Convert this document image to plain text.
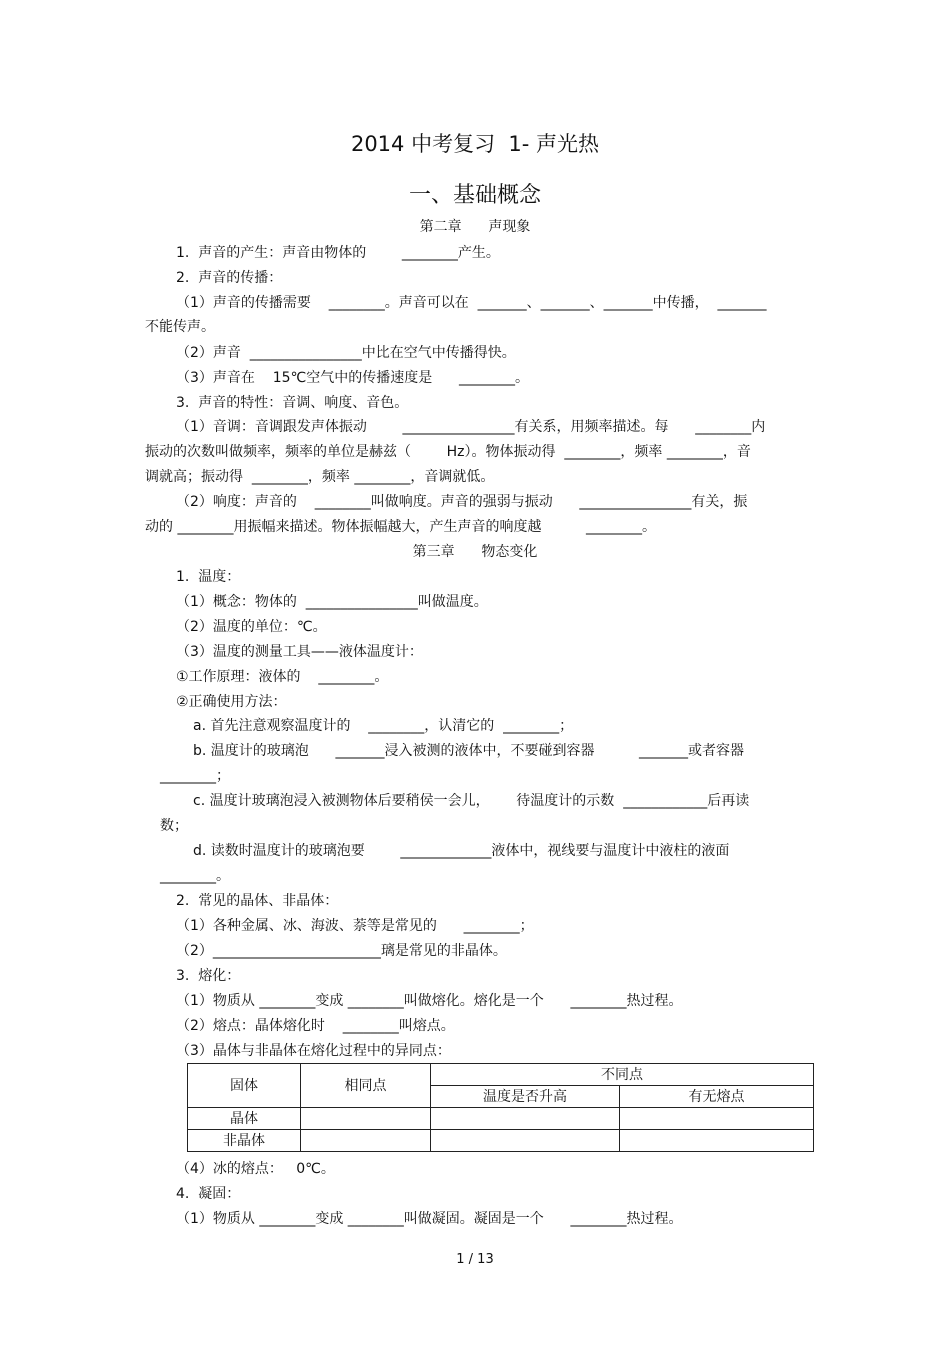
2014 中考复习  1- 声光热
一、基础概念
第二章      声现象
1.  声音的产生：声音由物体的        ________产生。
2.  声音的传播：
（1）声音的传播需要    ________。声音可以在  _______、_______、_______中传播，  _______
不能传声。
（2）声音  ________________中比在空气中传播得快。
（3）声音在    15℃空气中的传播速度是      ________。
3.  声音的特性：音调、响度、音色。
（1）音调：音调跟发声体振动        ________________有关系，用频率描述。每      ________内
振动的次数叫做频率，频率的单位是赫兹（        Hz）。物体振动得  ________，频率 ________，音
调就高；振动得  ________，频率 ________，音调就低。
（2）响度：声音的    ________叫做响度。声音的强弱与振动      ________________有关，振
动的 ________用振幅来描述。物体振幅越大，产生声音的响度越          ________。
第三章      物态变化
1.  温度：
（1）概念：物体的  ________________叫做温度。
（2）温度的单位：℃。
（3）温度的测量工具——液体温度计：
①工作原理：液体的    ________。
②正确使用方法：
a. 首先注意观察温度计的    ________，认清它的  ________；
b. 温度计的玻璃泡      _______浸入被测的液体中，不要碰到容器          _______或者容器
________；
c. 温度计玻璃泡浸入被测物体后要稍侯一会儿，      待温度计的示数  ____________后再读
数；
d. 读数时温度计的玻璃泡要        _____________液体中，视线要与温度计中液柱的液面
________。
2.  常见的晶体、非晶体：
（1）各种金属、冰、海波、萘等是常见的      ________；
（2）________________________璃是常见的非晶体。
3.  熔化：
（1）物质从 ________变成 ________叫做熔化。熔化是一个      ________热过程。
（2）熔点：晶体熔化时    ________叫熔点。
（3）晶体与非晶体在熔化过程中的异同点：
固体	相同点	不同点	
		温度是否升高	有无熔点
晶体			
非晶体			
（4）冰的熔点：   0℃。
4.  凝固：
（1）物质从 ________变成 ________叫做凝固。凝固是一个      ________热过程。
1 / 13
